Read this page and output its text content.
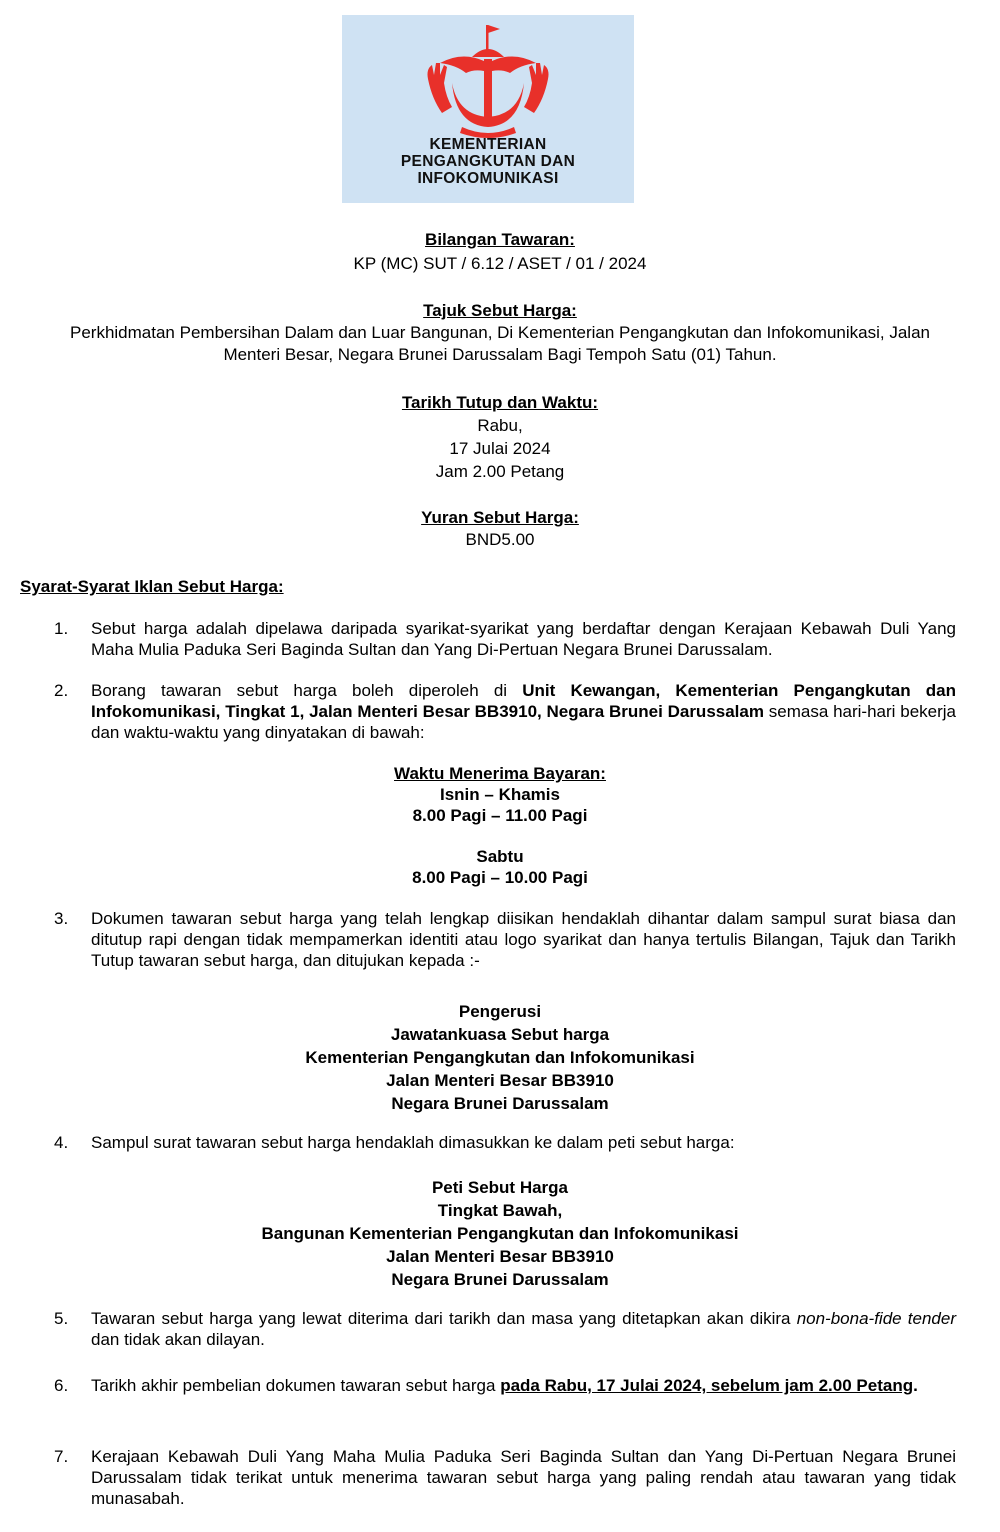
KEMENTERIAN
PENGANGKUTAN DAN
INFOKOMUNIKASI
Bilangan Tawaran:
KP (MC) SUT / 6.12 / ASET / 01 / 2024
Tajuk Sebut Harga:
Perkhidmatan Pembersihan Dalam dan Luar Bangunan, Di Kementerian Pengangkutan dan Infokomunikasi, Jalan
Menteri Besar, Negara Brunei Darussalam Bagi Tempoh Satu (01) Tahun.
Tarikh Tutup dan Waktu:
Rabu,
17 Julai 2024
Jam 2.00 Petang
Yuran Sebut Harga:
BND5.00
Syarat-Syarat Iklan Sebut Harga:
1.	Sebut harga adalah dipelawa daripada syarikat-syarikat yang berdaftar dengan Kerajaan Kebawah Duli Yang Maha Mulia Paduka Seri Baginda Sultan dan Yang Di-Pertuan Negara Brunei Darussalam.
2.	Borang tawaran sebut harga boleh diperoleh di Unit Kewangan, Kementerian Pengangkutan dan Infokomunikasi, Tingkat 1, Jalan Menteri Besar BB3910, Negara Brunei Darussalam semasa hari-hari bekerja dan waktu-waktu yang dinyatakan di bawah:
Waktu Menerima Bayaran:
Isnin – Khamis
8.00 Pagi – 11.00 Pagi
Sabtu
8.00 Pagi – 10.00 Pagi
3.	Dokumen tawaran sebut harga yang telah lengkap diisikan hendaklah dihantar dalam sampul surat biasa dan ditutup rapi dengan tidak mempamerkan identiti atau logo syarikat dan hanya tertulis Bilangan, Tajuk dan Tarikh Tutup tawaran sebut harga, dan ditujukan kepada :-
Pengerusi
Jawatankuasa Sebut harga
Kementerian Pengangkutan dan Infokomunikasi
Jalan Menteri Besar BB3910
Negara Brunei Darussalam
4.	Sampul surat tawaran sebut harga hendaklah dimasukkan ke dalam peti sebut harga:
Peti Sebut Harga
Tingkat Bawah,
Bangunan Kementerian Pengangkutan dan Infokomunikasi
Jalan Menteri Besar BB3910
Negara Brunei Darussalam
5.	Tawaran sebut harga yang lewat diterima dari tarikh dan masa yang ditetapkan akan dikira non-bona-fide tender dan tidak akan dilayan.
6.	Tarikh akhir pembelian dokumen tawaran sebut harga pada Rabu, 17 Julai 2024, sebelum jam 2.00 Petang.
7.	Kerajaan Kebawah Duli Yang Maha Mulia Paduka Seri Baginda Sultan dan Yang Di-Pertuan Negara Brunei Darussalam tidak terikat untuk menerima tawaran sebut harga yang paling rendah atau tawaran yang tidak munasabah.
